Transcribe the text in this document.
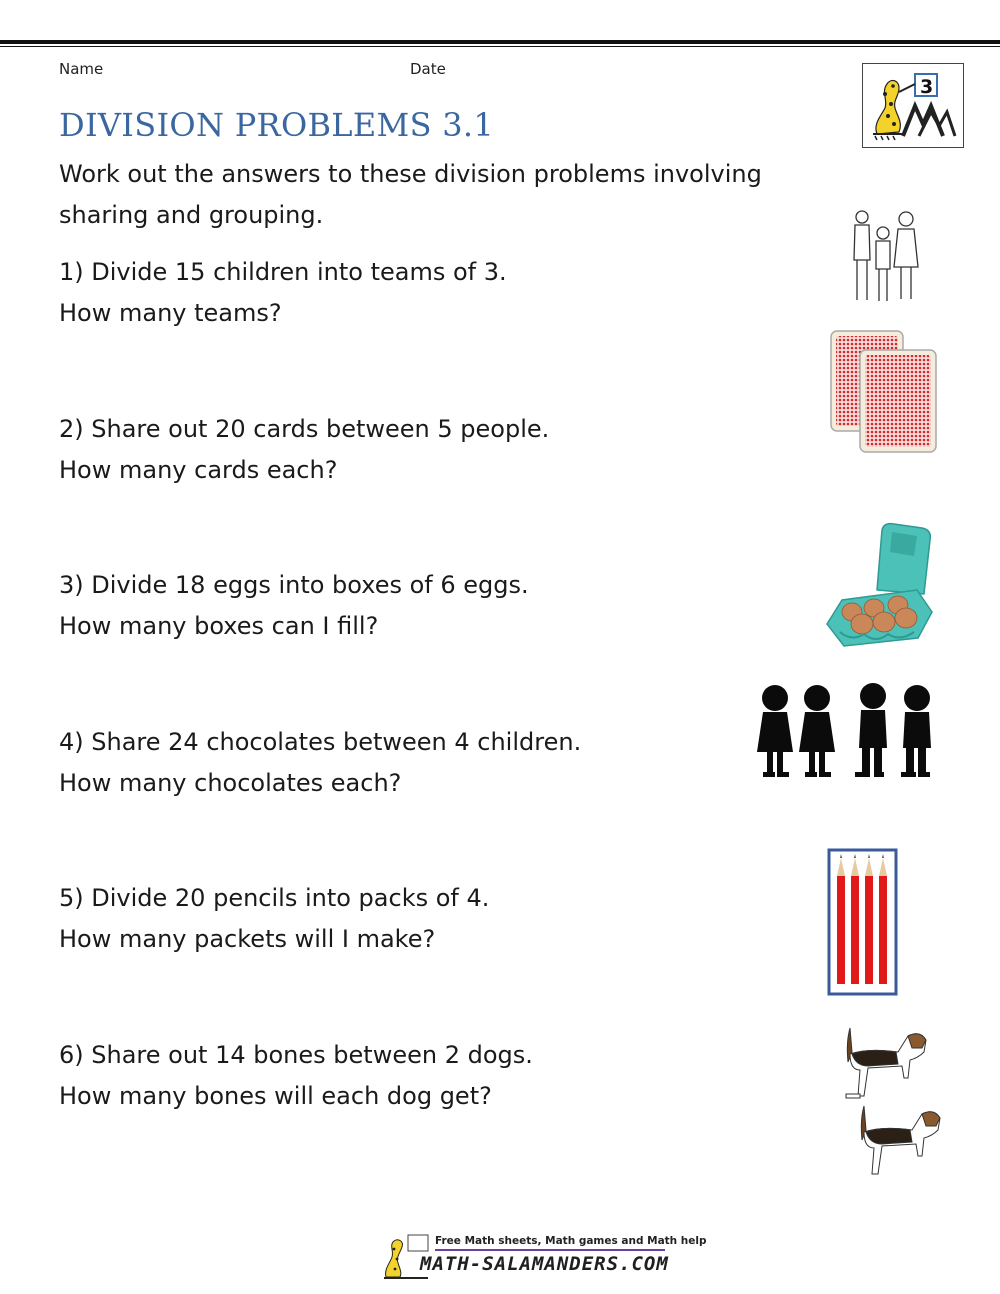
Name	Date
3
DIVISION PROBLEMS 3.1
Work out the answers to these division problems involving
sharing and grouping.
1) Divide 15 children into teams of 3.
How many teams?
2) Share out 20 cards between 5 people.
How many cards each?
3) Divide 18 eggs into boxes of 6 eggs.
How many boxes can I fill?
4) Share 24 chocolates between 4 children.
How many chocolates each?
5) Divide 20 pencils into packs of 4.
How many packets will I make?
6) Share out 14 bones between 2 dogs.
How many bones will each dog get?
Free Math sheets, Math games and Math help
MATH-SALAMANDERS.COM
